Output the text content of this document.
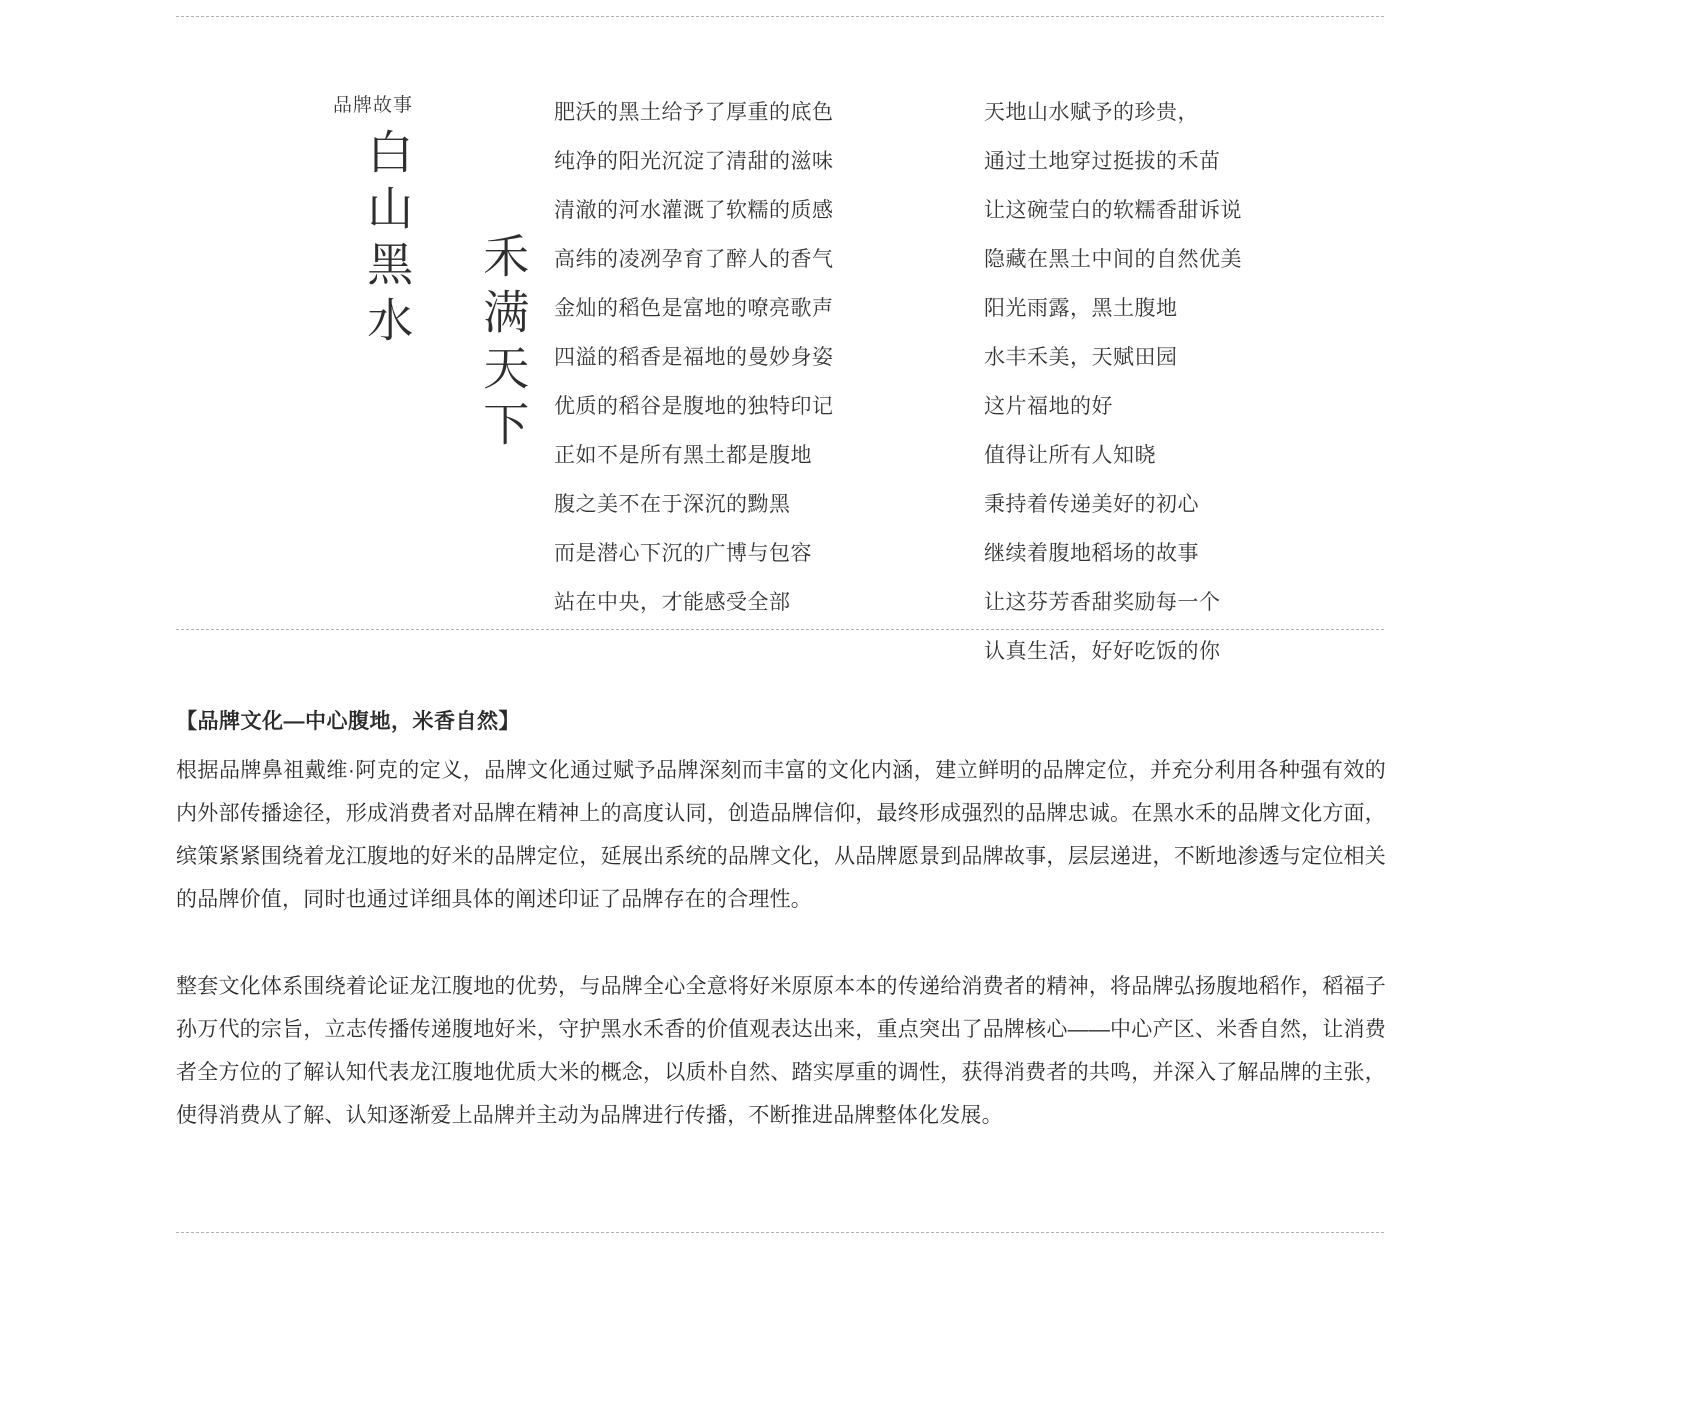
品牌故事
白山黑水 禾满天下

肥沃的黑土给予了厚重的底色

纯净的阳光沉淀了清甜的滋味

清澈的河水灌溉了软糯的质感

高纬的凌冽孕育了醉人的香气

金灿的稻色是富地的嘹亮歌声

四溢的稻香是福地的曼妙身姿

优质的稻谷是腹地的独特印记

正如不是所有黑土都是腹地

腹之美不在于深沉的黝黑

而是潜心下沉的广博与包容

站在中央，才能感受全部

天地山水赋予的珍贵，

通过土地穿过挺拔的禾苗

让这碗莹白的软糯香甜诉说

隐藏在黑土中间的自然优美

阳光雨露，黑土腹地

水丰禾美，天赋田园

这片福地的好

值得让所有人知晓

秉持着传递美好的初心

继续着腹地稻场的故事

让这芬芳香甜奖励每一个

认真生活，好好吃饭的你

【品牌文化—中心腹地，米香自然】

根据品牌鼻祖戴维·阿克的定义，品牌文化通过赋予品牌深刻而丰富的文化内涵，建立鲜明的品牌定位，并充分利用各种强有效的内外部传播途径，形成消费者对品牌在精神上的高度认同，创造品牌信仰，最终形成强烈的品牌忠诚。在黑水禾的品牌文化方面，缤策紧紧围绕着龙江腹地的好米的品牌定位，延展出系统的品牌文化，从品牌愿景到品牌故事，层层递进，不断地渗透与定位相关的品牌价值，同时也通过详细具体的阐述印证了品牌存在的合理性。

整套文化体系围绕着论证龙江腹地的优势，与品牌全心全意将好米原原本本的传递给消费者的精神，将品牌弘扬腹地稻作，稻福子孙万代的宗旨，立志传播传递腹地好米，守护黑水禾香的价值观表达出来，重点突出了品牌核心——中心产区、米香自然，让消费者全方位的了解认知代表龙江腹地优质大米的概念，以质朴自然、踏实厚重的调性，获得消费者的共鸣，并深入了解品牌的主张，使得消费从了解、认知逐渐爱上品牌并主动为品牌进行传播，不断推进品牌整体化发展。
